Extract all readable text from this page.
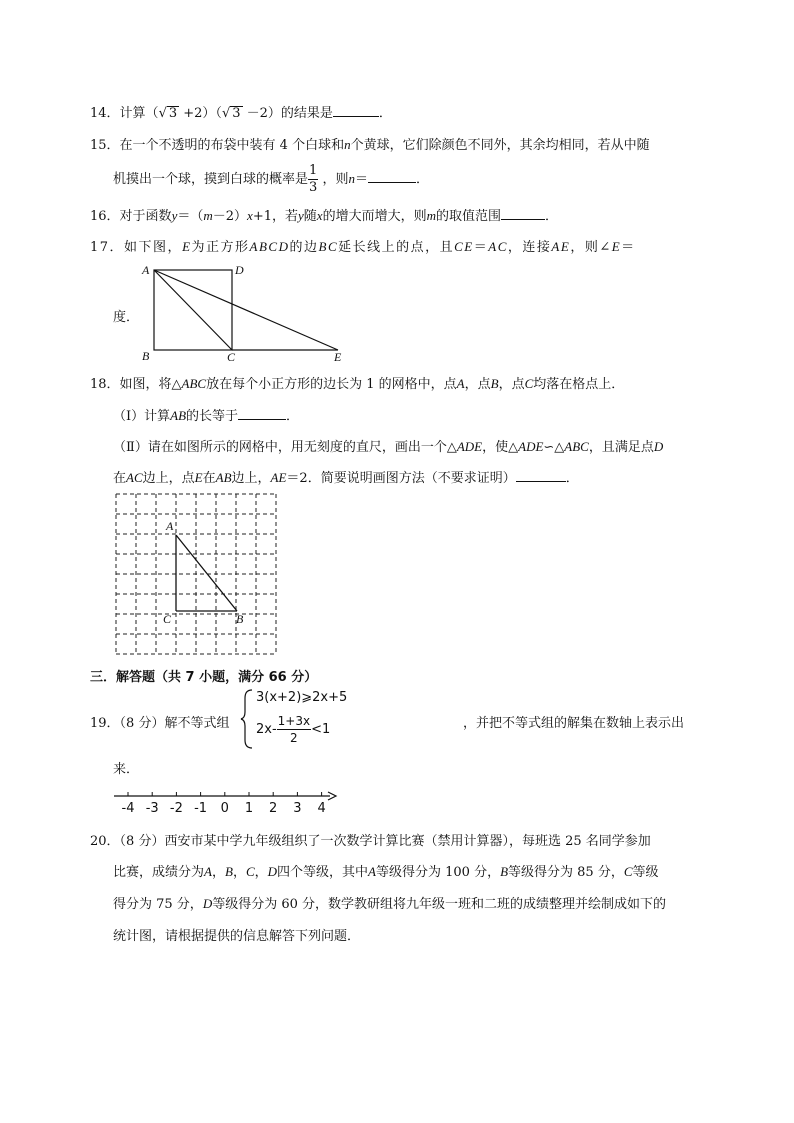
14．计算（√ 3 +2）（√ 3 －2）的结果是	．
15．在一个不透明的布袋中装有 4 个白球和n个黄球，它们除颜色不同外，其余均相同，若从中随
机摸出一个球，摸到白球的概率是 $\frac{1}{3}$ ，则n＝	．
16．对于函数y＝（m－2）x+1，若y随x的增大而增大，则m的取值范围	．
17．如下图，E为正方形ABCD的边BC延长线上的点，且CE＝AC，连接AE，则∠E＝
度．
A	D
B	C	E
18．如图，将△ABC放在每个小正方形的边长为 1 的网格中，点A，点B，点C均落在格点上．
（I）计算AB的长等于	．
（Ⅱ）请在如图所示的网格中，用无刻度的直尺，画出一个△ADE，使△ADE∽△ABC，且满足点D
在AC边上，点E在AB边上，AE＝2．简要说明画图方法（不要求证明）	．
A
C	B
三．解答题（共 7 小题，满分 66 分）
19．（8 分）解不等式组
3(x+2)⩾2x+5
$2x- \frac{1+3x}{2} <1$	，并把不等式组的解集在数轴上表示出
来．
-4 -3 -2 -1 0 1 2 3 4
20．（8 分）西安市某中学九年级组织了一次数学计算比赛（禁用计算器），每班选 25 名同学参加
比赛，成绩分为A，B，C，D四个等级，其中A等级得分为 100 分，B等级得分为 85 分，C等级
得分为 75 分，D等级得分为 60 分，数学教研组将九年级一班和二班的成绩整理并绘制成如下的
统计图，请根据提供的信息解答下列问题．
